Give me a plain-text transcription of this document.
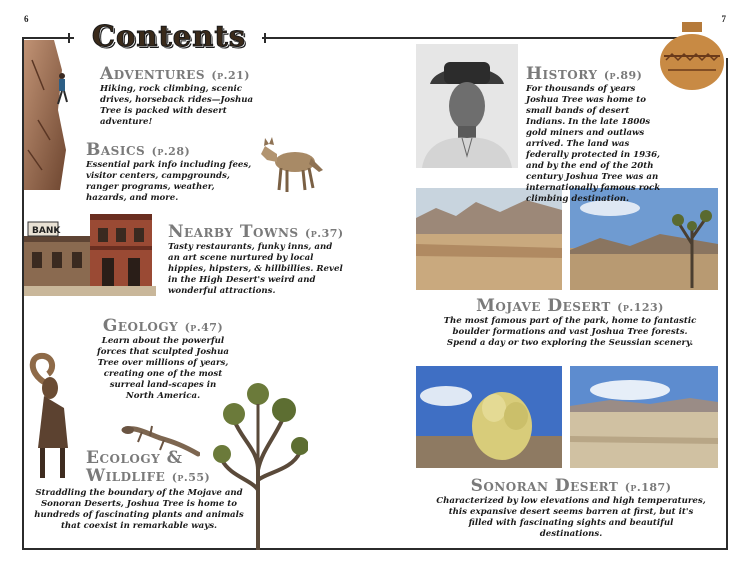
6	7
Contents
BANK
Adventures (p.21)

Hiking, rock climbing, scenic drives, horseback rides—Joshua Tree is packed with desert adventure!

Basics (p.28)

Essential park info including fees, visitor centers, campgrounds, ranger programs, weather, hazards, and more.

Nearby Towns (p.37)

Tasty restaurants, funky inns, and an art scene nurtured by local hippies, hipsters, & hillbillies. Revel in the High Desert's weird and wonderful attractions.

Geology (p.47)

Learn about the powerful forces that sculpted Joshua Tree over millions of years, creating one of the most surreal land-scapes in North America.

Ecology &
Wildlife (p.55)

Straddling the boundary of the Mojave and Sonoran Deserts, Joshua Tree is home to hundreds of fascinating plants and animals that coexist in remarkable ways.

History (p.89)

For thousands of years Joshua Tree was home to small bands of desert Indians. In the late 1800s gold miners and outlaws arrived. The land was federally protected in 1936, and by the end of the 20th century Joshua Tree was an internationally famous rock climbing destination.

Mojave Desert (p.123)

The most famous part of the park, home to fantastic boulder formations and vast Joshua Tree forests. Spend a day or two exploring the Seussian scenery.

Sonoran Desert (p.187)

Characterized by low elevations and high temperatures, this expansive desert seems barren at first, but it's filled with fascinating sights and beautiful destinations.
